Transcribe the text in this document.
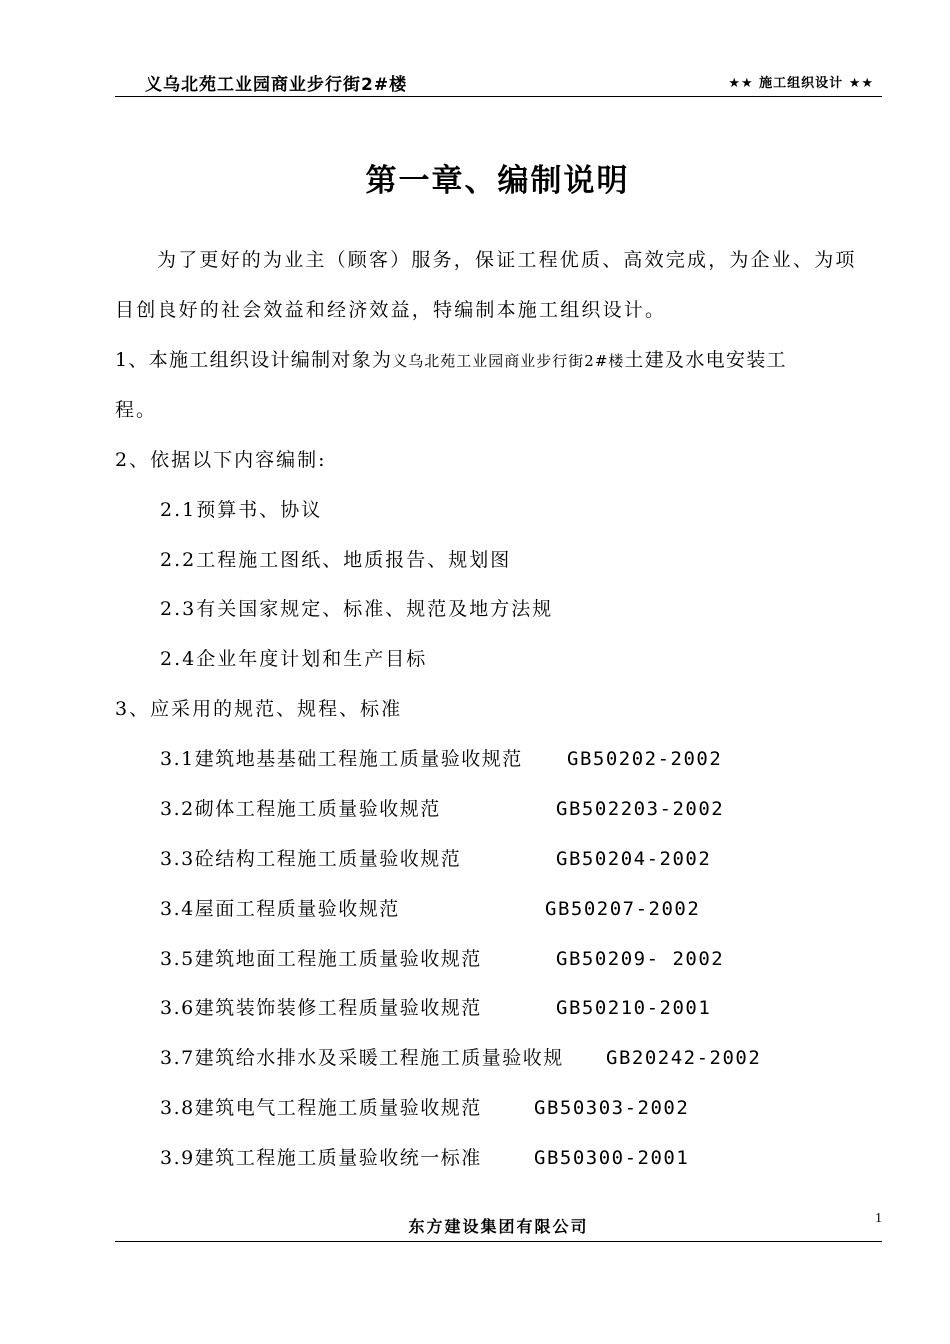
义乌北苑工业园商业步行街2#楼	★★ 施工组织设计 ★★
第一章、编制说明
为了更好的为业主（顾客）服务，保证工程优质、高效完成，为企业、为项
目创良好的社会效益和经济效益，特编制本施工组织设计。
1、本施工组织设计编制对象为义乌北苑工业园商业步行街2#楼土建及水电安装工
程。
2、依据以下内容编制:
2.1预算书、协议
2.2工程施工图纸、地质报告、规划图
2.3有关国家规定、标准、规范及地方法规
2.4企业年度计划和生产目标
3、应采用的规范、规程、标准
3.1建筑地基基础工程施工质量验收规范 GB50202-2002
3.2砌体工程施工质量验收规范	GB502203-2002
3.3砼结构工程施工质量验收规范	GB50204-2002
3.4屋面工程质量验收规范	GB50207-2002
3.5建筑地面工程施工质量验收规范	GB50209- 2002
3.6建筑装饰装修工程质量验收规范	GB50210-2001
3.7建筑给水排水及采暖工程施工质量验收规 GB20242-2002
3.8建筑电气工程施工质量验收规范	GB50303-2002
3.9建筑工程施工质量验收统一标准	GB50300-2001
东方建设集团有限公司	1
